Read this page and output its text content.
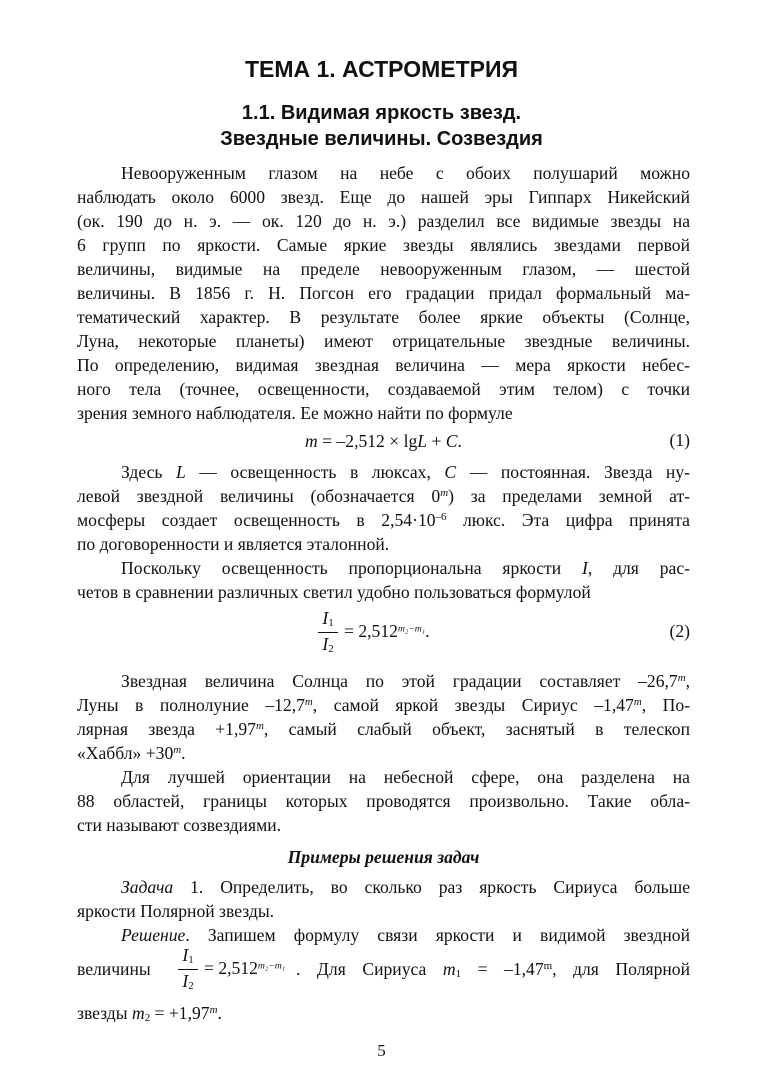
ТЕМА 1. АСТРОМЕТРИЯ
1.1. Видимая яркость звезд.
Звездные величины. Созвездия
Невооруженным глазом на небе с обоих полушарий можно
наблюдать около 6000 звезд. Еще до нашей эры Гиппарх Никейский
(ок. 190 до н. э. — ок. 120 до н. э.) разделил все видимые звезды на
6 групп по яркости. Самые яркие звезды являлись звездами первой
величины, видимые на пределе невооруженным глазом, — шестой
величины. В 1856 г. Н. Погсон его градации придал формальный ма-
тематический характер. В результате более яркие объекты (Солнце,
Луна, некоторые планеты) имеют отрицательные звездные величины.
По определению, видимая звездная величина — мера яркости небес-
ного тела (точнее, освещенности, создаваемой этим телом) с точки
зрения земного наблюдателя. Ее можно найти по формуле
m = –2,512 × lgL + C.	(1)
Здесь L — освещенность в люксах, C — постоянная. Звезда ну-
левой звездной величины (обозначается 0$^m$) за пределами земной ат-
мосферы создает освещенность в $2,54\cdot 10^{-6}$ люкс. Эта цифра принята
по договоренности и является эталонной.
Поскольку освещенность пропорциональна яркости I, для рас-
четов в сравнении различных светил удобно пользоваться формулой
$I_1$
$I_2$
= $2,512^{m_2-m_1}$.	(2)
Звездная величина Солнца по этой градации составляет –26,7$^m$,
Луны в полнолуние –12,7$^m$, самой яркой звезды Сириус –1,47$^m$, По-
лярная звезда $+1,97^m$, самый слабый объект, заснятый в телескоп
«Хаббл» $+30^m$.
Для лучшей ориентации на небесной сфере, она разделена на
88 областей, границы которых проводятся произвольно. Такие обла-
сти называют созвездиями.
Примеры решения задач
Задача 1. Определить, во сколько раз яркость Сириуса больше
яркости Полярной звезды.
Решение. Запишем формулу связи яркости и видимой звездной
величины
$I_1$
$I_2$
= $2,512^{m_2-m_1}$ . Для Сириуса $m_1 = -1,47^m$, для Полярной
звезды $m_2 = +1,97^m$.
5
